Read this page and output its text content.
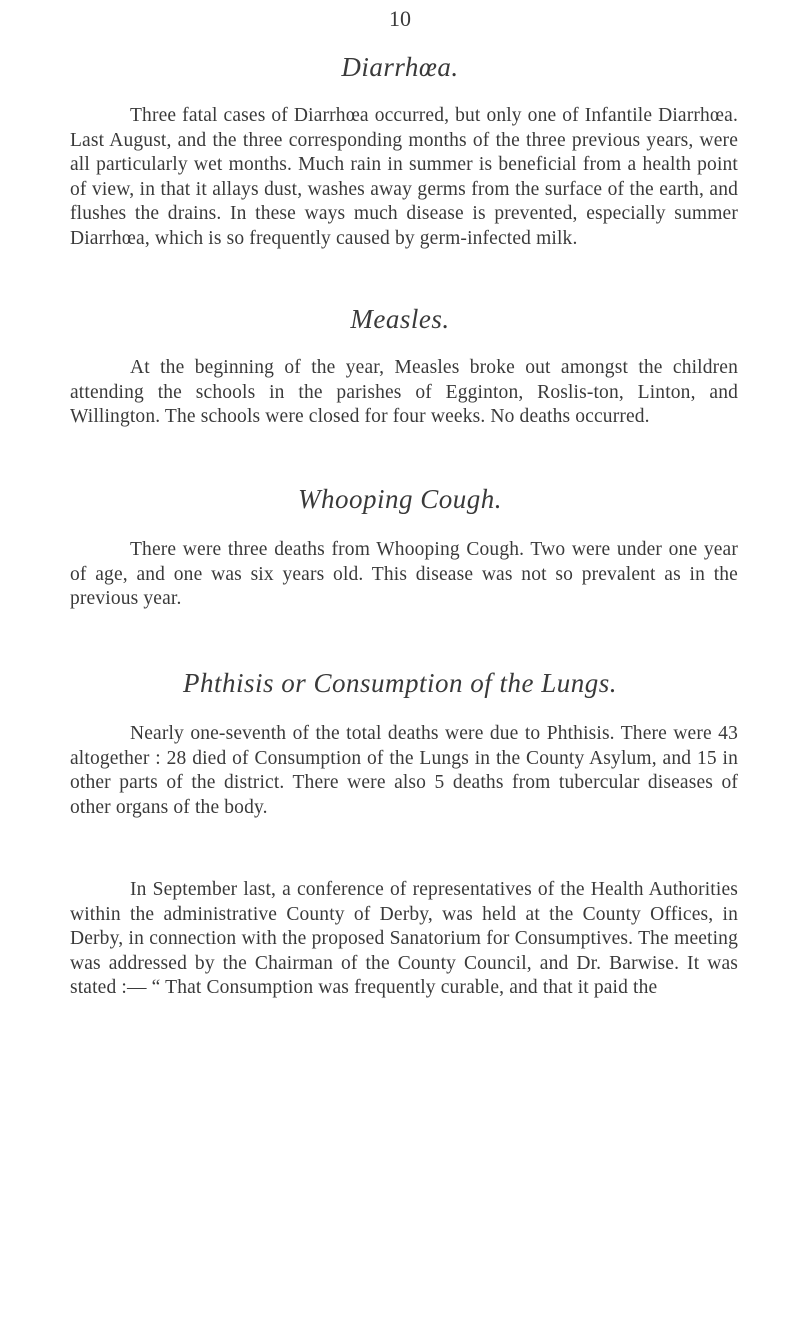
10
Diarrhœa.
Three fatal cases of Diarrhœa occurred, but only one of Infantile Diarrhœa. Last August, and the three corresponding months of the three previous years, were all particularly wet months. Much rain in summer is beneficial from a health point of view, in that it allays dust, washes away germs from the surface of the earth, and flushes the drains. In these ways much disease is prevented, especially summer Diarrhœa, which is so frequently caused by germ-infected milk.
Measles.
At the beginning of the year, Measles broke out amongst the children attending the schools in the parishes of Egginton, Roslis-ton, Linton, and Willington. The schools were closed for four weeks. No deaths occurred.
Whooping Cough.
There were three deaths from Whooping Cough. Two were under one year of age, and one was six years old. This disease was not so prevalent as in the previous year.
Phthisis or Consumption of the Lungs.
Nearly one-seventh of the total deaths were due to Phthisis. There were 43 altogether : 28 died of Consumption of the Lungs in the County Asylum, and 15 in other parts of the district. There were also 5 deaths from tubercular diseases of other organs of the body.
In September last, a conference of representatives of the Health Authorities within the administrative County of Derby, was held at the County Offices, in Derby, in connection with the proposed Sanatorium for Consumptives. The meeting was addressed by the Chairman of the County Council, and Dr. Barwise. It was stated :— “ That Consumption was frequently curable, and that it paid the
